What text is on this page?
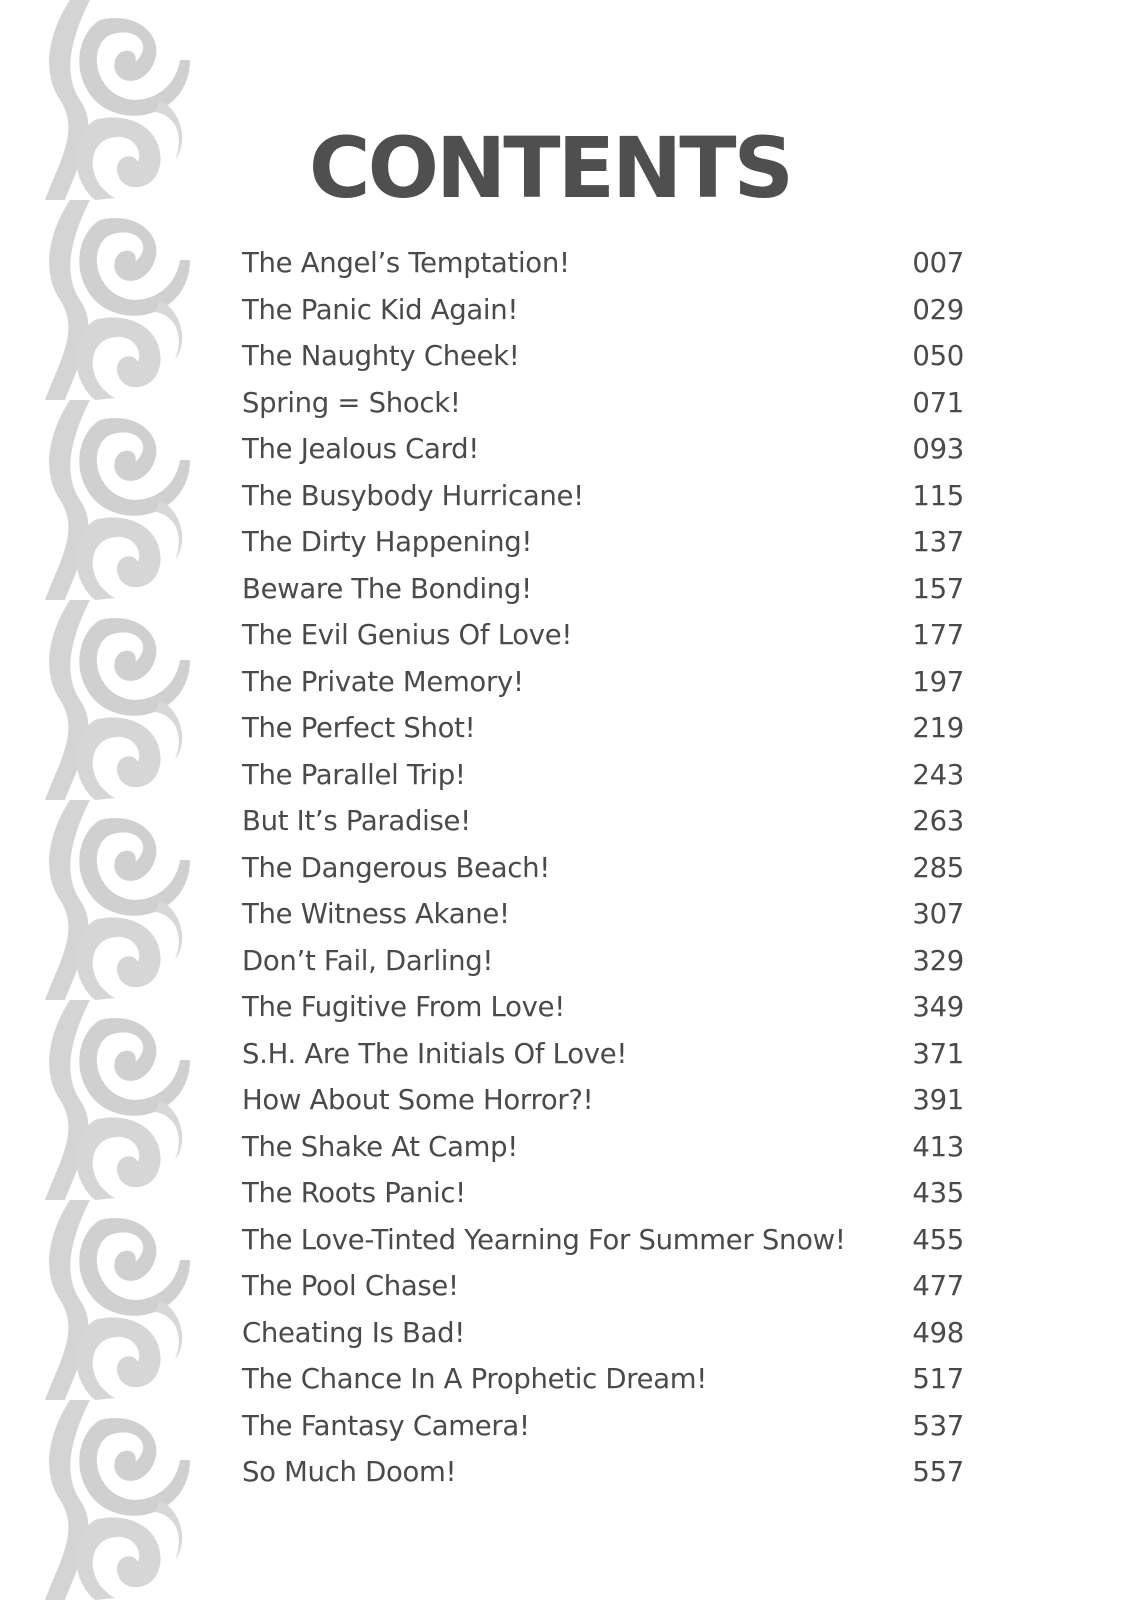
CONTENTS
The Angel’s Temptation!	007
The Panic Kid Again!	029
The Naughty Cheek!	050
Spring = Shock!	071
The Jealous Card!	093
The Busybody Hurricane!	115
The Dirty Happening!	137
Beware The Bonding!	157
The Evil Genius Of Love!	177
The Private Memory!	197
The Perfect Shot!	219
The Parallel Trip!	243
But It’s Paradise!	263
The Dangerous Beach!	285
The Witness Akane!	307
Don’t Fail, Darling!	329
The Fugitive From Love!	349
S.H. Are The Initials Of Love!	371
How About Some Horror?!	391
The Shake At Camp!	413
The Roots Panic!	435
The Love-Tinted Yearning For Summer Snow!	455
The Pool Chase!	477
Cheating Is Bad!	498
The Chance In A Prophetic Dream!	517
The Fantasy Camera!	537
So Much Doom!	557
